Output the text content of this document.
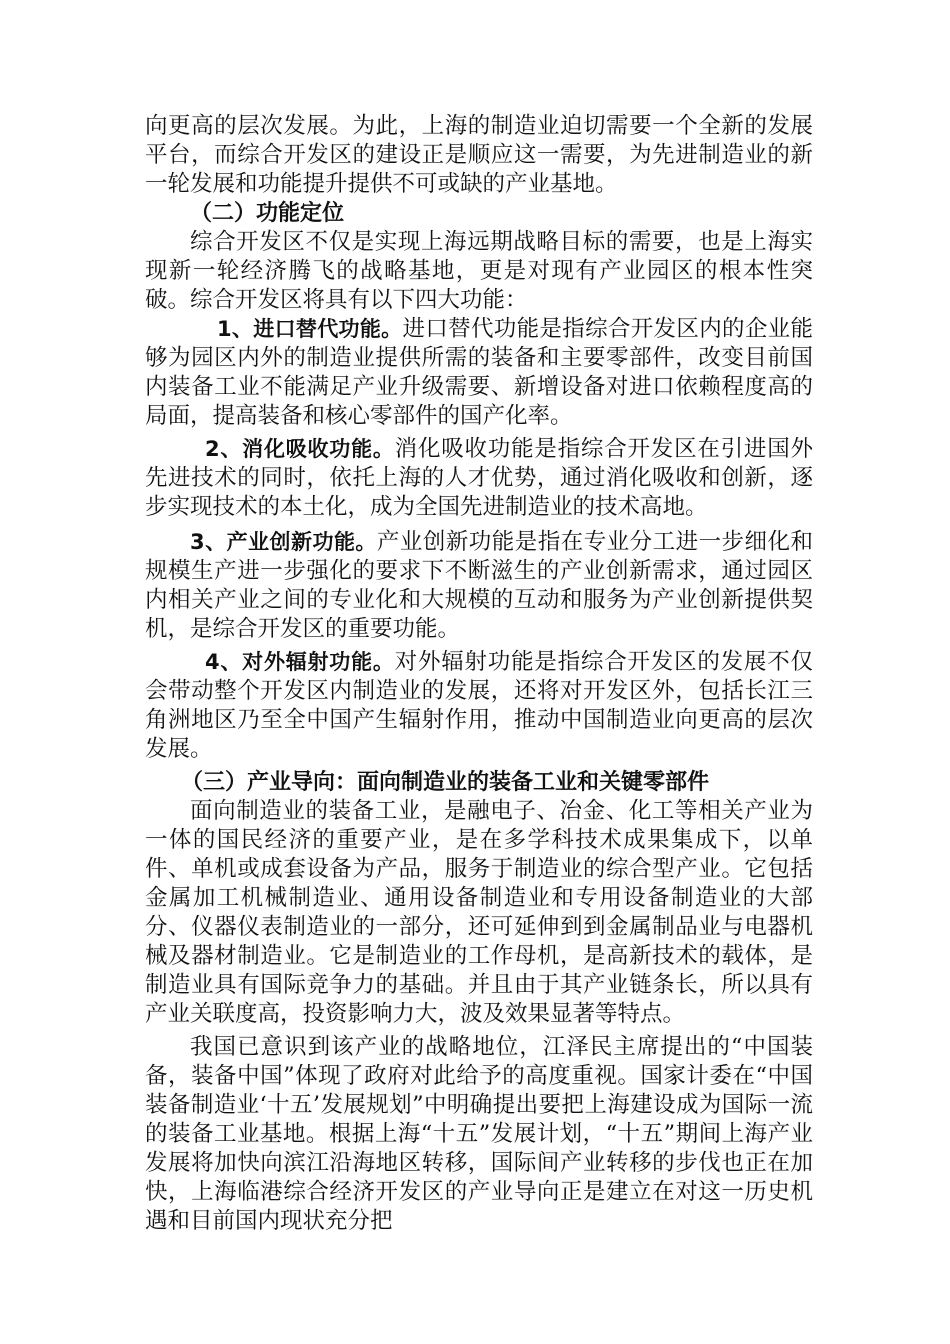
向更高的层次发展。为此，上海的制造业迫切需要一个全新的发展平台，而综合开发区的建设正是顺应这一需要，为先进制造业的新一轮发展和功能提升提供不可或缺的产业基地。

（二）功能定位

综合开发区不仅是实现上海远期战略目标的需要，也是上海实现新一轮经济腾飞的战略基地，更是对现有产业园区的根本性突破。综合开发区将具有以下四大功能：

1、进口替代功能。进口替代功能是指综合开发区内的企业能够为园区内外的制造业提供所需的装备和主要零部件，改变目前国内装备工业不能满足产业升级需要、新增设备对进口依赖程度高的局面，提高装备和核心零部件的国产化率。

2、消化吸收功能。消化吸收功能是指综合开发区在引进国外先进技术的同时，依托上海的人才优势，通过消化吸收和创新，逐步实现技术的本土化，成为全国先进制造业的技术高地。

3、产业创新功能。产业创新功能是指在专业分工进一步细化和规模生产进一步强化的要求下不断滋生的产业创新需求，通过园区内相关产业之间的专业化和大规模的互动和服务为产业创新提供契机，是综合开发区的重要功能。

4、对外辐射功能。对外辐射功能是指综合开发区的发展不仅会带动整个开发区内制造业的发展，还将对开发区外，包括长江三角洲地区乃至全中国产生辐射作用，推动中国制造业向更高的层次发展。

（三）产业导向：面向制造业的装备工业和关键零部件

面向制造业的装备工业，是融电子、冶金、化工等相关产业为一体的国民经济的重要产业，是在多学科技术成果集成下，以单件、单机或成套设备为产品，服务于制造业的综合型产业。它包括金属加工机械制造业、通用设备制造业和专用设备制造业的大部分、仪器仪表制造业的一部分，还可延伸到到金属制品业与电器机械及器材制造业。它是制造业的工作母机，是高新技术的载体，是制造业具有国际竞争力的基础。并且由于其产业链条长，所以具有产业关联度高，投资影响力大，波及效果显著等特点。

我国已意识到该产业的战略地位，江泽民主席提出的“中国装备，装备中国”体现了政府对此给予的高度重视。国家计委在“中国装备制造业‘十五’发展规划”中明确提出要把上海建设成为国际一流的装备工业基地。根据上海“十五”发展计划，“十五”期间上海产业发展将加快向滨江沿海地区转移，国际间产业转移的步伐也正在加快，上海临港综合经济开发区的产业导向正是建立在对这一历史机遇和目前国内现状充分把
